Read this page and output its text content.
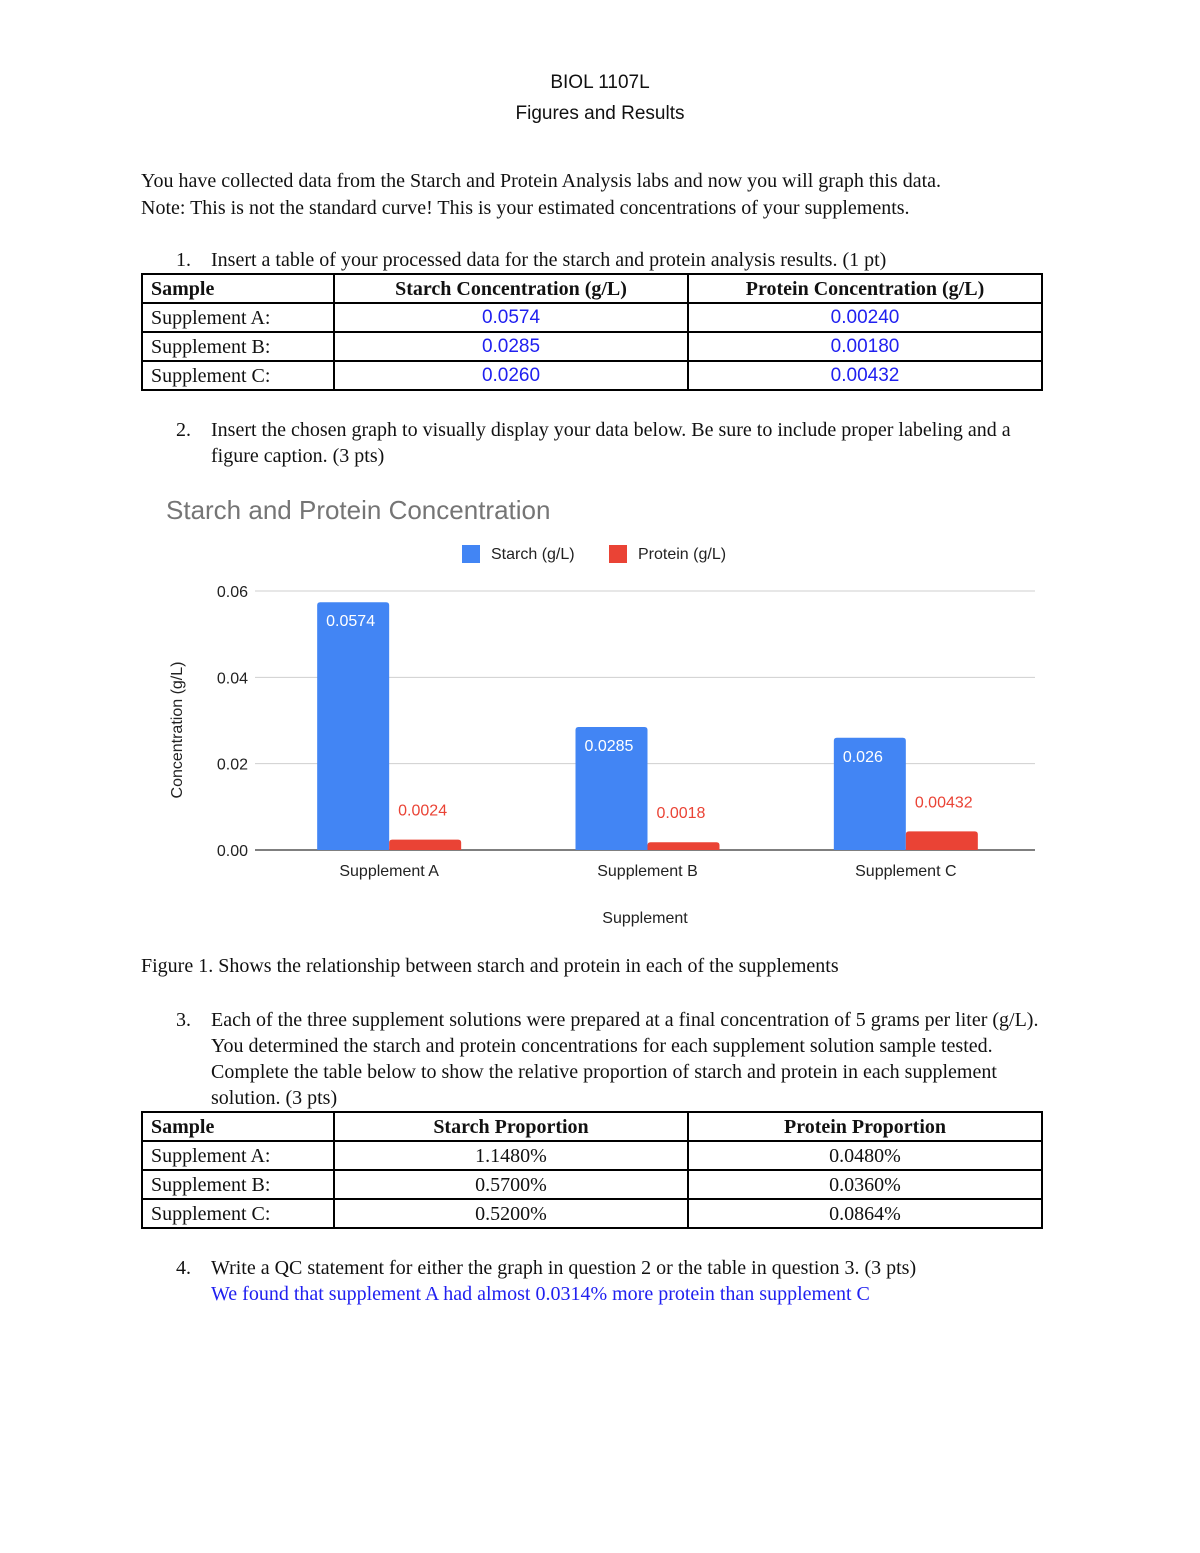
BIOL 1107L
Figures and Results
You have collected data from the Starch and Protein Analysis labs and now you will graph this data.
Note: This is not the standard curve! This is your estimated concentrations of your supplements.
1. Insert a table of your processed data for the starch and protein analysis results. (1 pt)
Sample	Starch Concentration (g/L)	Protein Concentration (g/L)
Supplement A:	0.0574	0.00240
Supplement B:	0.0285	0.00180
Supplement C:	0.0260	0.00432
2. Insert the chosen graph to visually display your data below. Be sure to include proper labeling and a figure caption. (3 pts)
Starch and Protein Concentration
Starch (g/L)	Protein (g/L)
0.00
0.02
0.04
0.06
0.0574
0.0024
0.0285
0.0018
0.026
0.00432
Supplement A	Supplement B	Supplement C
Supplement
Concentration (g/L)
Figure 1. Shows the relationship between starch and protein in each of the supplements
3. Each of the three supplement solutions were prepared at a final concentration of 5 grams per liter (g/L). You determined the starch and protein concentrations for each supplement solution sample tested. Complete the table below to show the relative proportion of starch and protein in each supplement solution. (3 pts)
Sample	Starch Proportion	Protein Proportion
Supplement A:	1.1480%	0.0480%
Supplement B:	0.5700%	0.0360%
Supplement C:	0.5200%	0.0864%
4. Write a QC statement for either the graph in question 2 or the table in question 3. (3 pts)
We found that supplement A had almost 0.0314% more protein than supplement C
